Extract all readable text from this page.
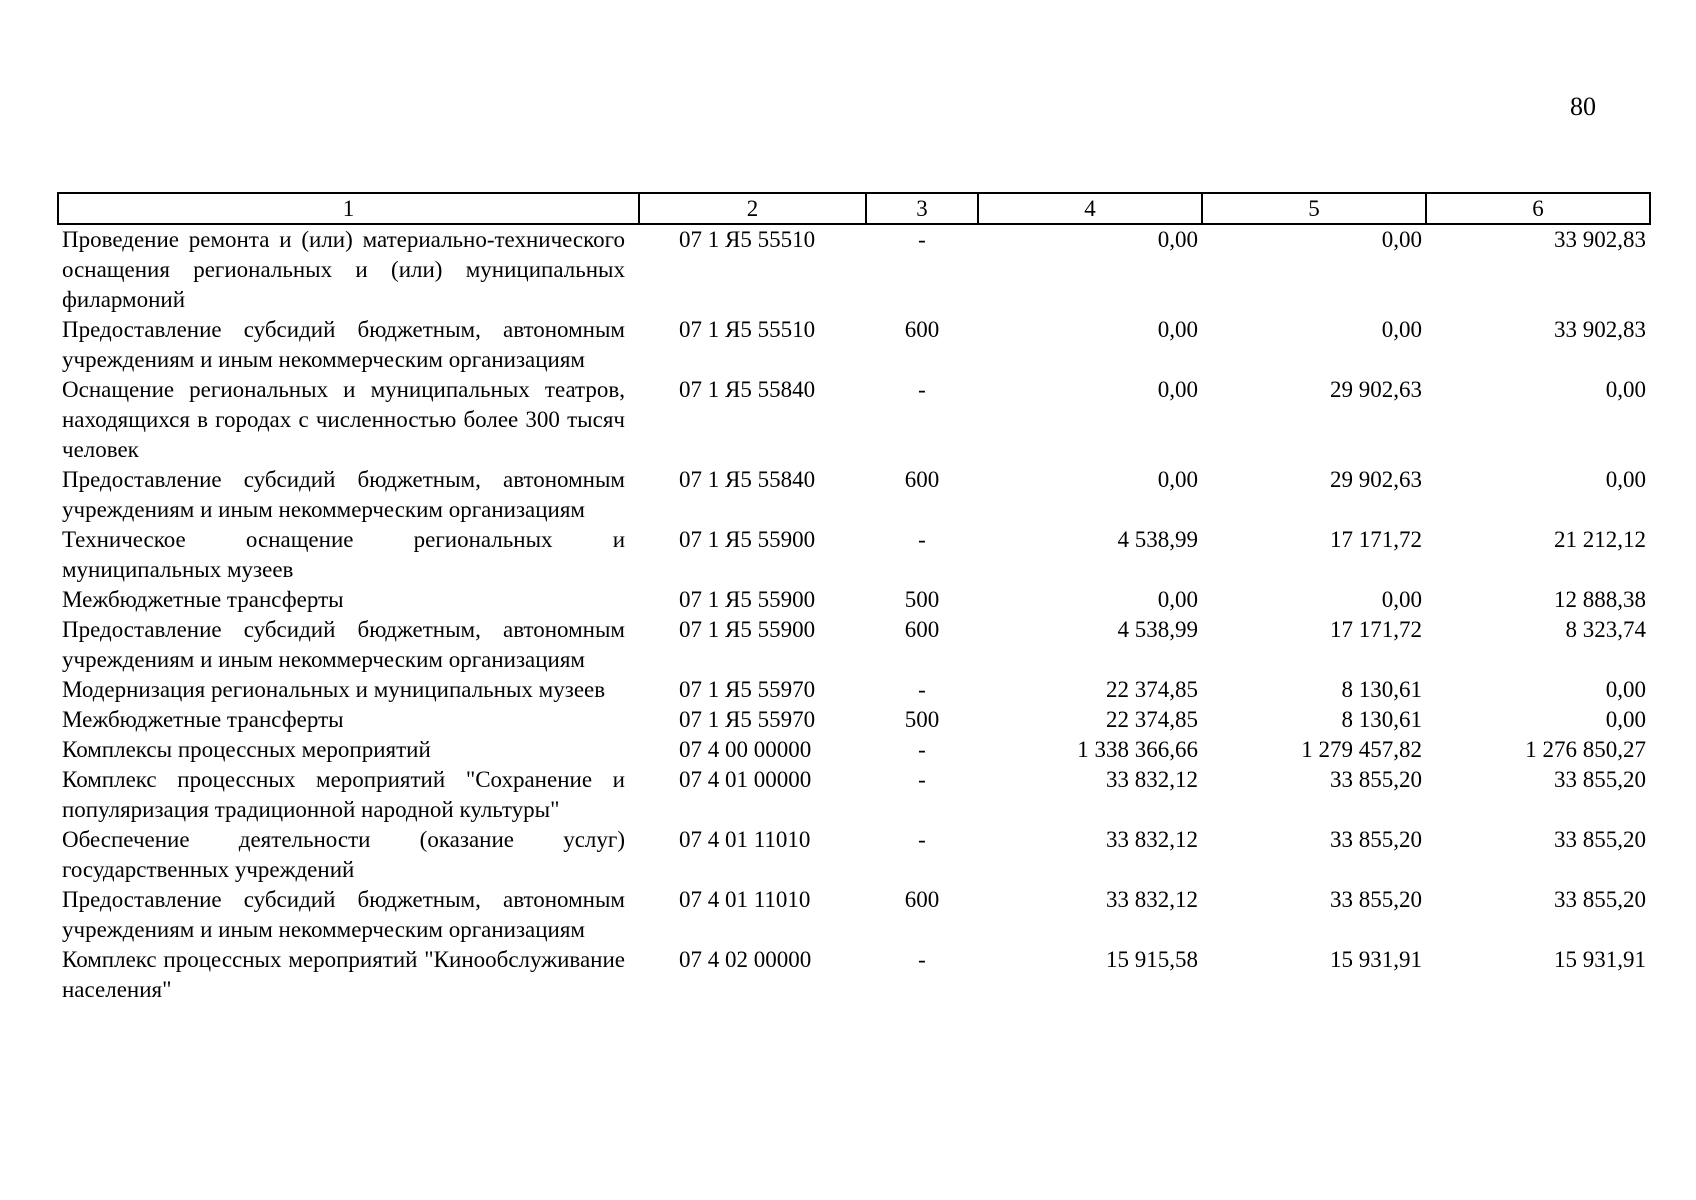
80
1	2	3	4	5	6
Проведение ремонта и (или) материально-технического оснащения региональных и (или) муниципальных филармоний	07 1 Я5 55510	-	0,00	0,00	33 902,83
Предоставление субсидий бюджетным, автономным учреждениям и иным некоммерческим организациям	07 1 Я5 55510	600	0,00	0,00	33 902,83
Оснащение региональных и муниципальных театров, находящихся в городах с численностью более 300 тысяч человек	07 1 Я5 55840	-	0,00	29 902,63	0,00
Предоставление субсидий бюджетным, автономным учреждениям и иным некоммерческим организациям	07 1 Я5 55840	600	0,00	29 902,63	0,00
Техническое оснащение региональных и муниципальных музеев	07 1 Я5 55900	-	4 538,99	17 171,72	21 212,12
Межбюджетные трансферты	07 1 Я5 55900	500	0,00	0,00	12 888,38
Предоставление субсидий бюджетным, автономным учреждениям и иным некоммерческим организациям	07 1 Я5 55900	600	4 538,99	17 171,72	8 323,74
Модернизация региональных и муниципальных музеев	07 1 Я5 55970	-	22 374,85	8 130,61	0,00
Межбюджетные трансферты	07 1 Я5 55970	500	22 374,85	8 130,61	0,00
Комплексы процессных мероприятий	07 4 00 00000	-	1 338 366,66	1 279 457,82	1 276 850,27
Комплекс процессных мероприятий "Сохранение и популяризация традиционной народной культуры"	07 4 01 00000	-	33 832,12	33 855,20	33 855,20
Обеспечение деятельности (оказание услуг) государственных учреждений	07 4 01 11010	-	33 832,12	33 855,20	33 855,20
Предоставление субсидий бюджетным, автономным учреждениям и иным некоммерческим организациям	07 4 01 11010	600	33 832,12	33 855,20	33 855,20
Комплекс процессных мероприятий "Кинообслуживание населения"	07 4 02 00000	-	15 915,58	15 931,91	15 931,91
